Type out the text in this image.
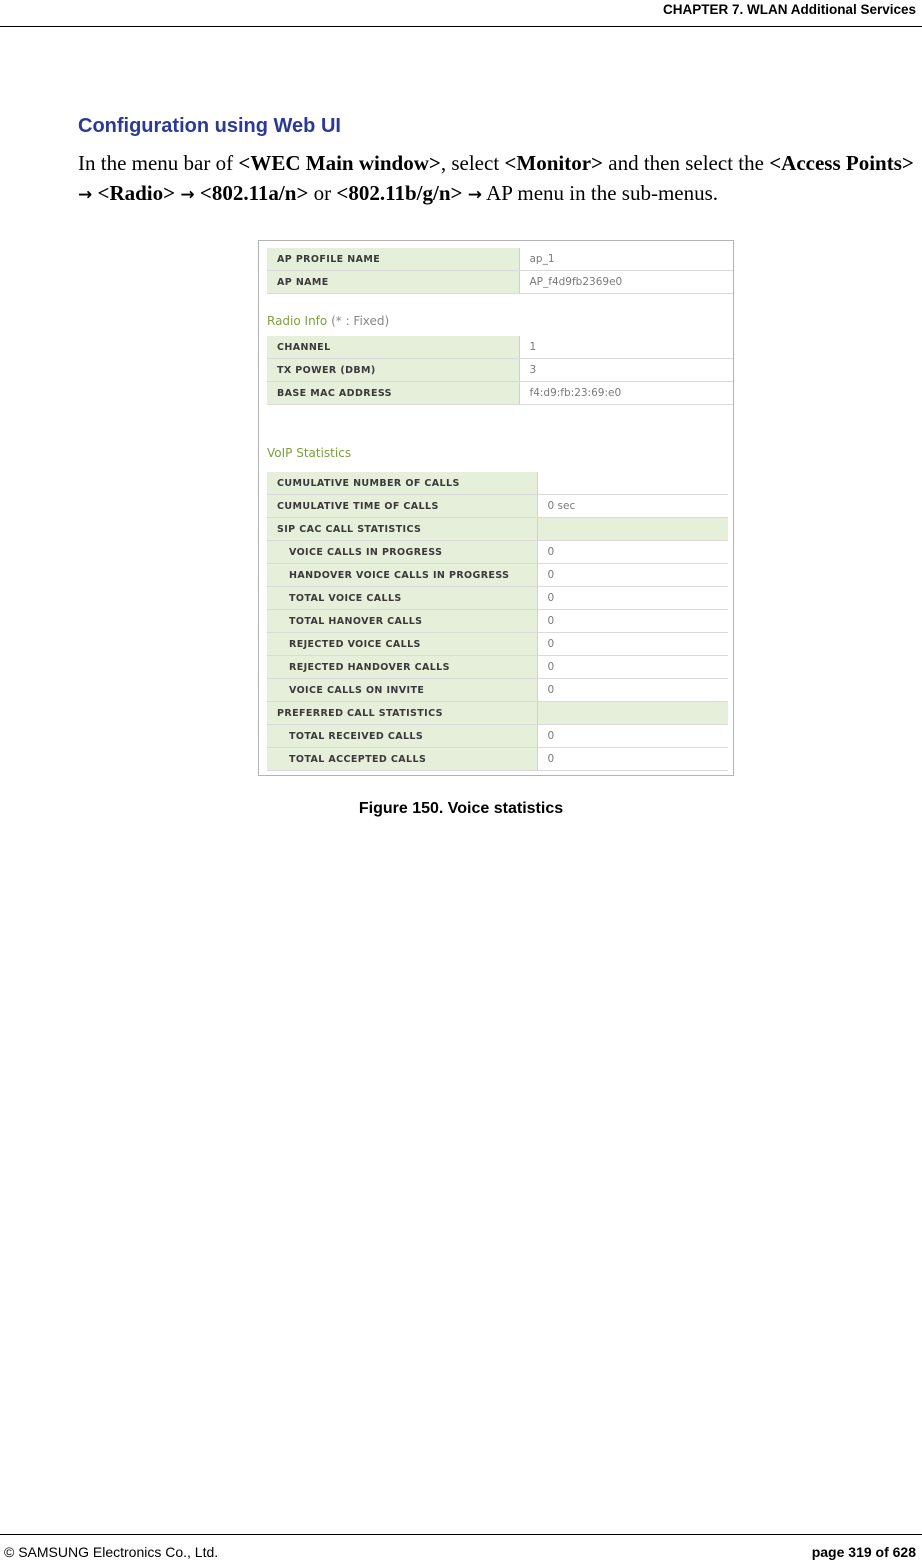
CHAPTER 7. WLAN Additional Services
Configuration using Web UI
In the menu bar of <WEC Main window>, select <Monitor> and then select the <Access Points> → <Radio> → <802.11a/n> or <802.11b/g/n> → AP menu in the sub-menus.
AP PROFILE NAME	ap_1
AP NAME	AP_f4d9fb2369e0
Radio Info (* : Fixed)
CHANNEL	1
TX POWER (DBM)	3
BASE MAC ADDRESS	f4:d9:fb:23:69:e0
VoIP Statistics
CUMULATIVE NUMBER OF CALLS	
CUMULATIVE TIME OF CALLS	0 sec
SIP CAC CALL STATISTICS	
VOICE CALLS IN PROGRESS	0
HANDOVER VOICE CALLS IN PROGRESS	0
TOTAL VOICE CALLS	0
TOTAL HANOVER CALLS	0
REJECTED VOICE CALLS	0
REJECTED HANDOVER CALLS	0
VOICE CALLS ON INVITE	0
PREFERRED CALL STATISTICS	
TOTAL RECEIVED CALLS	0
TOTAL ACCEPTED CALLS	0
Figure 150. Voice statistics
© SAMSUNG Electronics Co., Ltd.	page 319 of 628
